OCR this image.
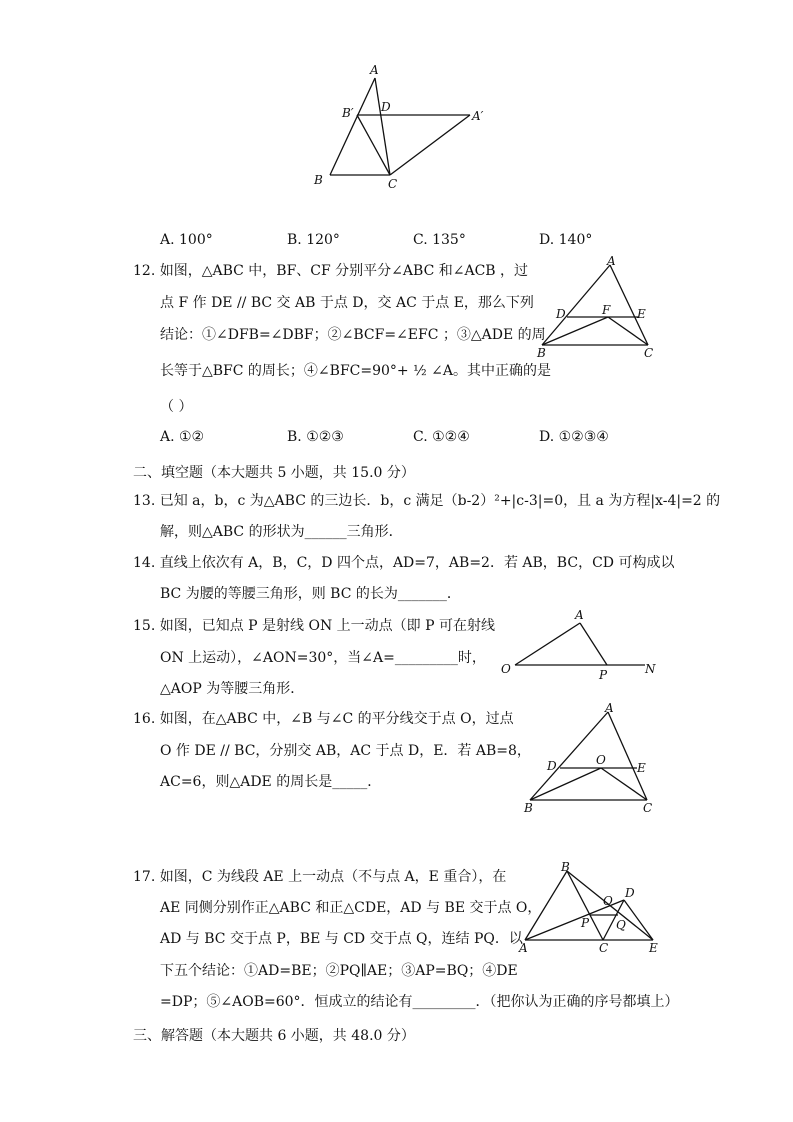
A
B′ D
A′
B	C
A. 100°	B. 120°	C. 135°	D. 140°
12. 如图，△ABC 中，BF、CF 分别平分∠ABC 和∠ACB ，过
点 F 作 DE // BC 交 AB 于点 D，交 AC 于点 E，那么下列
结论：①∠DFB=∠DBF；②∠BCF=∠EFC ；③△ADE 的周
长等于△BFC 的周长；④∠BFC=90°+ ½ ∠A。其中正确的是
（ ）
A
D	F E
B	C
A. ①②	B. ①②③	C. ①②④	D. ①②③④
二、填空题（本大题共 5 小题，共 15.0 分）
13. 已知 a，b，c 为△ABC 的三边长．b，c 满足（b-2）²+|c-3|=0，且 a 为方程|x-4|=2 的
解，则△ABC 的形状为______三角形．
14. 直线上依次有 A，B，C，D 四个点，AD=7，AB=2．若 AB，BC，CD 可构成以
BC 为腰的等腰三角形，则 BC 的长为_______．
15. 如图，已知点 P 是射线 ON 上一动点（即 P 可在射线
ON 上运动），∠AON=30°，当∠A=_________时，
△AOP 为等腰三角形．
A
O	P	N
16. 如图，在△ABC 中，∠B 与∠C 的平分线交于点 O，过点
O 作 DE // BC，分别交 AB，AC 于点 D，E．若 AB=8，
AC=6，则△ADE 的周长是_____．
A
D	O
E
B	C
17. 如图，C 为线段 AE 上一动点（不与点 A，E 重合），在
AE 同侧分别作正△ABC 和正△CDE，AD 与 BE 交于点 O，
AD 与 BC 交于点 P，BE 与 CD 交于点 Q，连结 PQ．以
下五个结论：①AD=BE；②PQ∥AE；③AP=BQ；④DE
=DP；⑤∠AOB=60°．恒成立的结论有_________．（把你认为正确的序号都填上）
B
D
O
P Q
A	C	E
三、解答题（本大题共 6 小题，共 48.0 分）
